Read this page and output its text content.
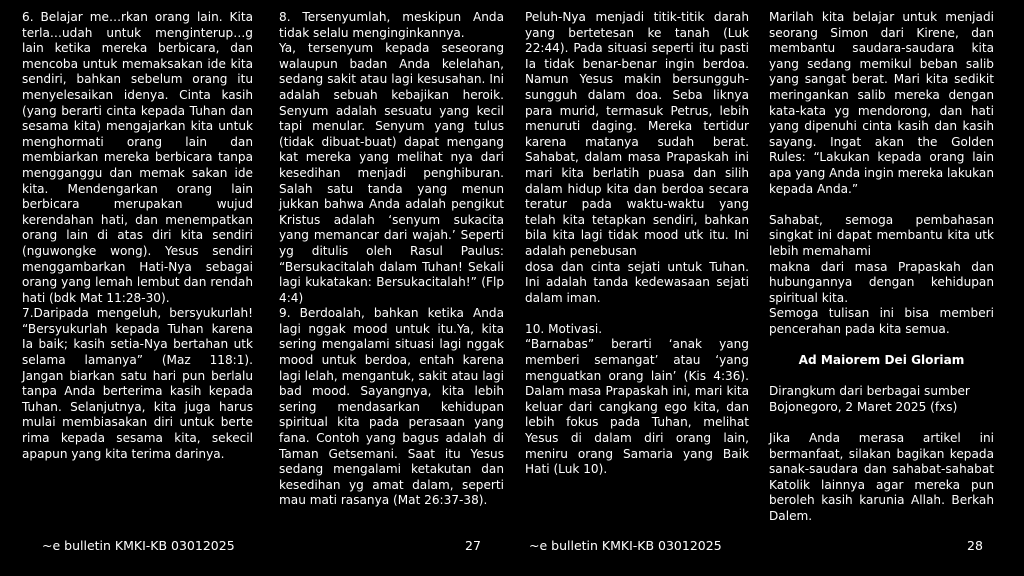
6. Belajar me…rkan orang lain. Kita terla…udah untuk menginterup…g lain ketika mereka berbicara, dan mencoba untuk memaksakan ide kita sendiri, bahkan sebelum orang itu menyelesaikan idenya. Cinta kasih (yang berarti cinta kepada Tuhan dan sesama kita) mengajarkan kita untuk menghormati orang lain dan membiarkan mereka berbicara tanpa mengganggu dan memak sakan ide kita. Mendengarkan orang lain berbicara merupakan wujud kerendahan hati, dan menempatkan orang lain di atas diri kita sendiri (nguwongke wong). Yesus sendiri menggambarkan Hati-Nya sebagai orang yang lemah lembut dan rendah hati (bdk Mat 11:28-30).

7.Daripada mengeluh, bersyukurlah! “Bersyukurlah kepada Tuhan karena Ia baik; kasih setia-Nya bertahan utk selama lamanya” (Maz 118:1). Jangan biarkan satu hari pun berlalu tanpa Anda berterima kasih kepada Tuhan. Selanjutnya, kita juga harus mulai membiasakan diri untuk berte rima kepada sesama kita, sekecil apapun yang kita terima darinya.

8. Tersenyumlah, meskipun Anda tidak selalu menginginkannya.

Ya, tersenyum kepada seseorang walaupun badan Anda kelelahan, sedang sakit atau lagi kesusahan. Ini adalah sebuah kebajikan heroik. Senyum adalah sesuatu yang kecil tapi menular. Senyum yang tulus (tidak dibuat-buat) dapat mengang kat mereka yang melihat nya dari kesedihan menjadi penghiburan. Salah satu tanda yang menun jukkan bahwa Anda adalah pengikut Kristus adalah ‘senyum sukacita yang memancar dari wajah.’ Seperti yg ditulis oleh Rasul Paulus: “Bersukacitalah dalam Tuhan! Sekali lagi kukatakan: Bersukacitalah!” (Flp 4:4)

9. Berdoalah, bahkan ketika Anda lagi nggak mood untuk itu.Ya, kita sering mengalami situasi lagi nggak mood untuk berdoa, entah karena lagi lelah, mengantuk, sakit atau lagi bad mood. Sayangnya, kita lebih sering mendasarkan kehidupan spiritual kita pada perasaan yang fana. Contoh yang bagus adalah di Taman Getsemani. Saat itu Yesus sedang mengalami ketakutan dan kesedihan yg amat dalam, seperti mau mati rasanya (Mat 26:37-38).

Peluh-Nya menjadi titik-titik darah yang bertetesan ke tanah (Luk 22:44). Pada situasi seperti itu pasti Ia tidak benar-benar ingin berdoa. Namun Yesus makin bersungguh-sungguh dalam doa. Seba liknya para murid, termasuk Petrus, lebih menuruti daging. Mereka tertidur karena matanya sudah berat. Sahabat, dalam masa Prapaskah ini mari kita berlatih puasa dan silih dalam hidup kita dan berdoa secara teratur pada waktu-waktu yang telah kita tetapkan sendiri, bahkan bila kita lagi tidak mood utk itu. Ini adalah penebusan

dosa dan cinta sejati untuk Tuhan. Ini adalah tanda kedewasaan sejati dalam iman.

10. Motivasi.

“Barnabas” berarti ‘anak yang memberi semangat’ atau ‘yang menguatkan orang lain’ (Kis 4:36). Dalam masa Prapaskah ini, mari kita keluar dari cangkang ego kita, dan lebih fokus pada Tuhan, melihat Yesus di dalam diri orang lain, meniru orang Samaria yang Baik Hati (Luk 10).

Marilah kita belajar untuk menjadi seorang Simon dari Kirene, dan membantu saudara-saudara kita yang sedang memikul beban salib yang sangat berat. Mari kita sedikit meringankan salib mereka dengan kata-kata yg mendorong, dan hati yang dipenuhi cinta kasih dan kasih sayang. Ingat akan the Golden Rules: “Lakukan kepada orang lain apa yang Anda ingin mereka lakukan kepada Anda.”

Sahabat, semoga pembahasan singkat ini dapat membantu kita utk lebih memahami

makna dari masa Prapaskah dan hubungannya dengan kehidupan spiritual kita.

Semoga tulisan ini bisa memberi pencerahan pada kita semua.

Ad Maiorem Dei Gloriam

Dirangkum dari berbagai sumber

Bojonegoro, 2 Maret 2025 (fxs)

Jika Anda merasa artikel ini bermanfaat, silakan bagikan kepada sanak-saudara dan sahabat-sahabat Katolik lainnya agar mereka pun beroleh kasih karunia Allah. Berkah Dalem.

~e bulletin KMKI-KB 03012025	27	~e bulletin KMKI-KB 03012025	28
